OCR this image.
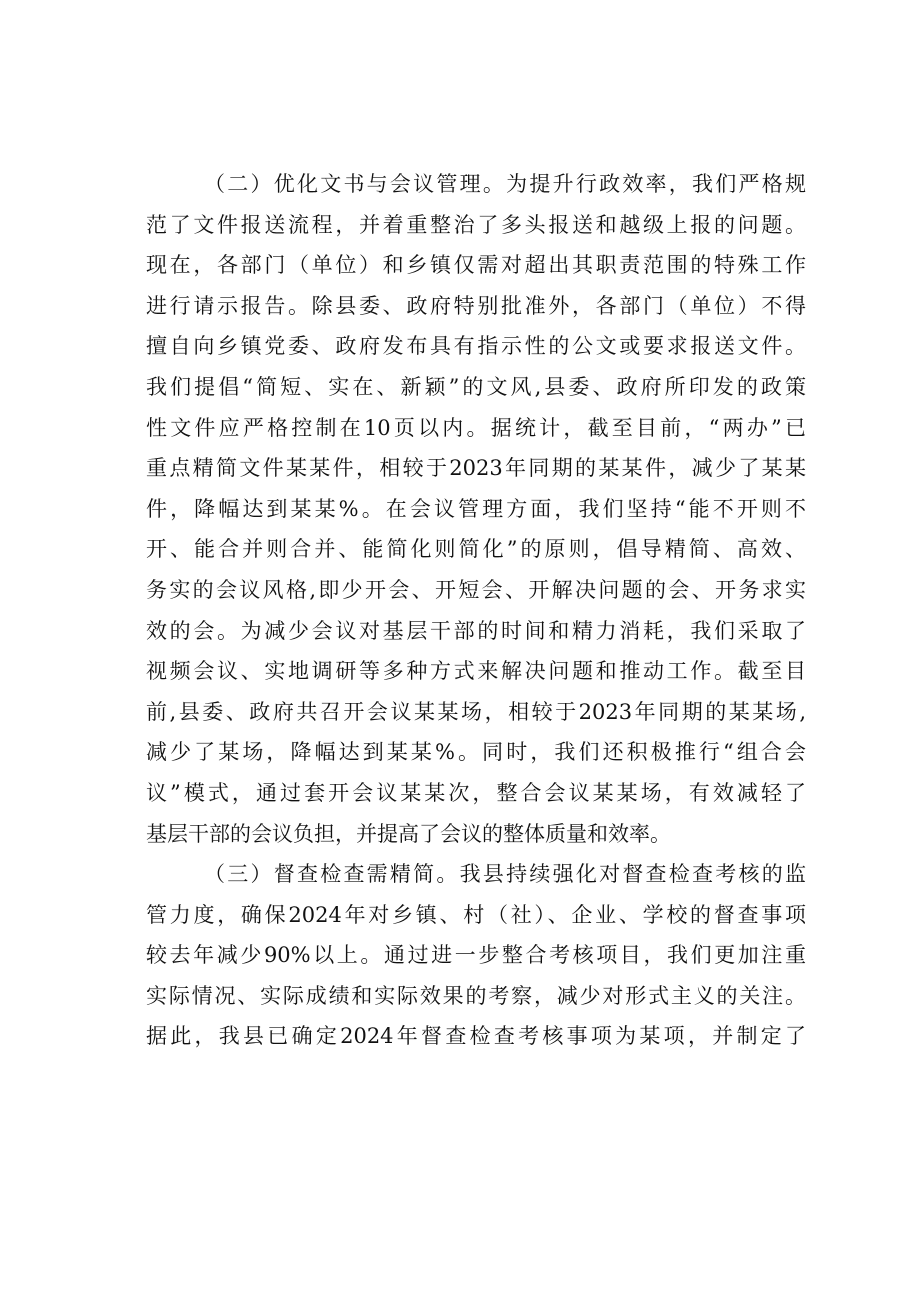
（二）优化文书与会议管理。为提升行政效率，我们严格规
范了文件报送流程，并着重整治了多头报送和越级上报的问题。
现在，各部门（单位）和乡镇仅需对超出其职责范围的特殊工作
进行请示报告。除县委、政府特别批准外，各部门（单位）不得
擅自向乡镇党委、政府发布具有指示性的公文或要求报送文件。
我们提倡“简短、实在、新颖”的文风,县委、政府所印发的政策
性文件应严格控制在10页以内。据统计，截至目前，“两办”已
重点精简文件某某件，相较于2023年同期的某某件，减少了某某
件，降幅达到某某%。在会议管理方面，我们坚持“能不开则不
开、能合并则合并、能简化则简化”的原则，倡导精简、高效、
务实的会议风格,即少开会、开短会、开解决问题的会、开务求实
效的会。为减少会议对基层干部的时间和精力消耗，我们采取了
视频会议、实地调研等多种方式来解决问题和推动工作。截至目
前,县委、政府共召开会议某某场，相较于2023年同期的某某场,
减少了某场，降幅达到某某%。同时，我们还积极推行“组合会
议”模式，通过套开会议某某次，整合会议某某场，有效减轻了
基层干部的会议负担，并提高了会议的整体质量和效率。
（三）督查检查需精简。我县持续强化对督查检查考核的监
管力度，确保2024年对乡镇、村（社）、企业、学校的督查事项
较去年减少90%以上。通过进一步整合考核项目，我们更加注重
实际情况、实际成绩和实际效果的考察，减少对形式主义的关注。
据此，我县已确定2024年督查检查考核事项为某项，并制定了
